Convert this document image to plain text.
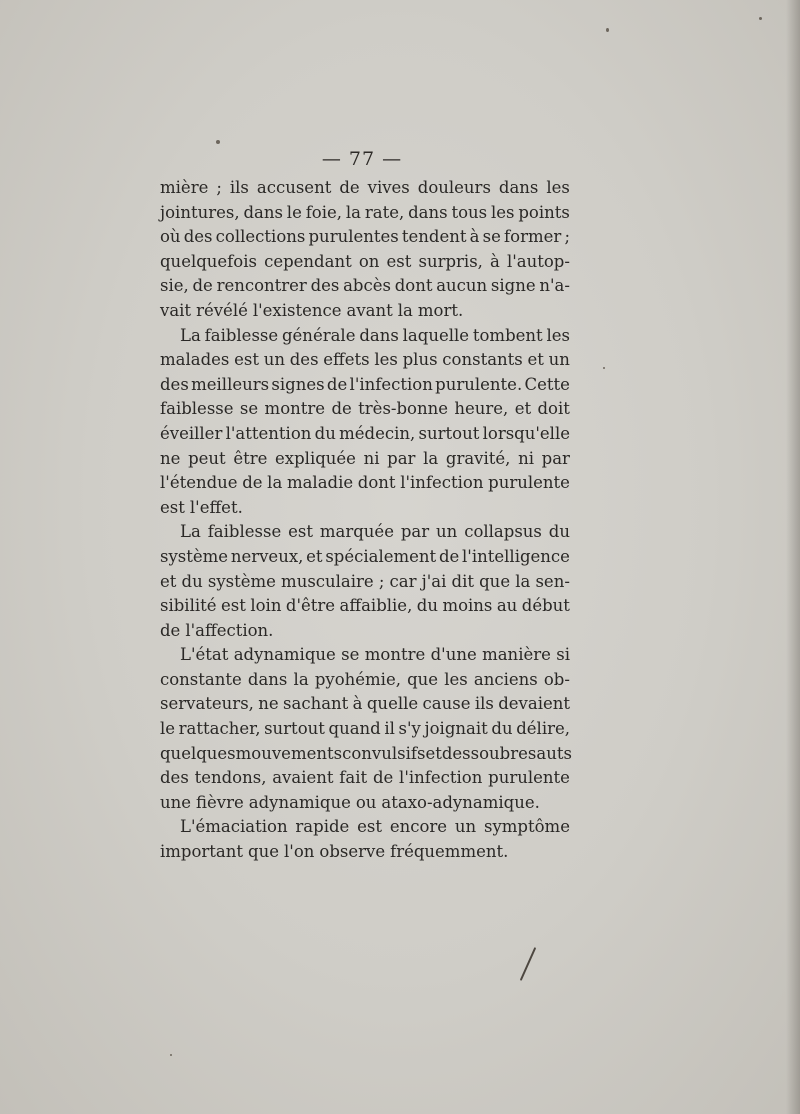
— 77 —
mière ; ils accusent de vives douleurs dans les
jointures, dans le foie, la rate, dans tous les points
où des collections purulentes tendent à se former ;
quelquefois cependant on est surpris, à l'autop-
sie, de rencontrer des abcès dont aucun signe n'a-
vait révélé l'existence avant la mort.
La faiblesse générale dans laquelle tombent les
malades est un des effets les plus constants et un
des meilleurs signes de l'infection purulente. Cette
faiblesse se montre de très-bonne heure, et doit
éveiller l'attention du médecin, surtout lorsqu'elle
ne peut être expliquée ni par la gravité, ni par
l'étendue de la maladie dont l'infection purulente
est l'effet.
La faiblesse est marquée par un collapsus du
système nerveux, et spécialement de l'intelligence
et du système musculaire ; car j'ai dit que la sen-
sibilité est loin d'être affaiblie, du moins au début
de l'affection.
L'état adynamique se montre d'une manière si
constante dans la pyohémie, que les anciens ob-
servateurs, ne sachant à quelle cause ils devaient
le rattacher, surtout quand il s'y joignait du délire,
quelques mouvements convulsifs et des soubresauts
des tendons, avaient fait de l'infection purulente
une fièvre adynamique ou ataxo-adynamique.
L'émaciation rapide est encore un symptôme
important que l'on observe fréquemment.
